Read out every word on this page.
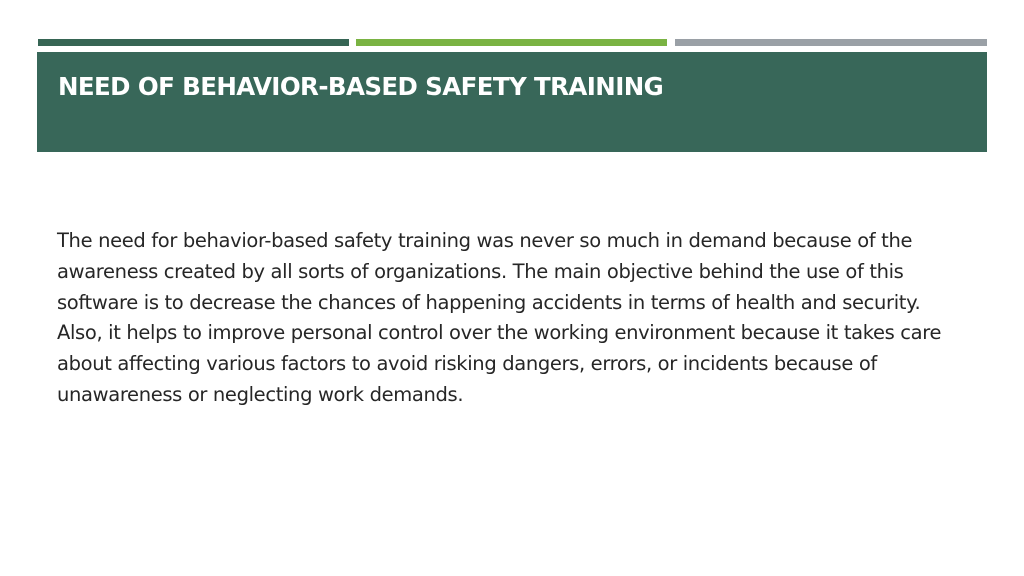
NEED OF BEHAVIOR-BASED SAFETY TRAINING

The need for behavior-based safety training was never so much in demand because of the awareness created by all sorts of organizations. The main objective behind the use of this software is to decrease the chances of happening accidents in terms of health and security. Also, it helps to improve personal control over the working environment because it takes care about affecting various factors to avoid risking dangers, errors, or incidents because of unawareness or neglecting work demands.
